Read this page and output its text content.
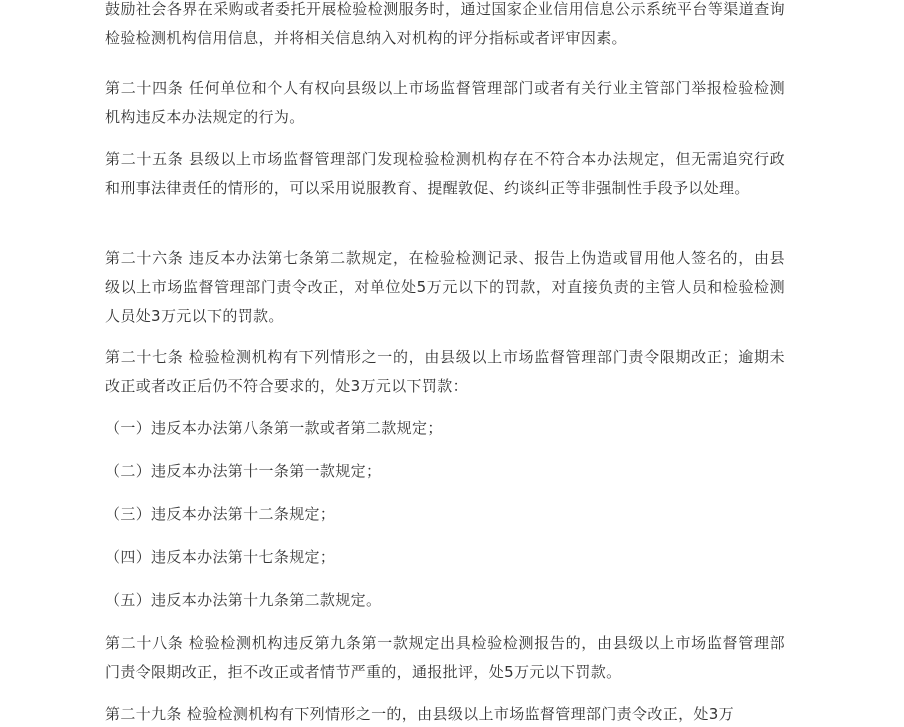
鼓励社会各界在采购或者委托开展检验检测服务时，通过国家企业信用信息公示系统平台等渠道查询检验检测机构信用信息，并将相关信息纳入对机构的评分指标或者评审因素。

第二十四条 任何单位和个人有权向县级以上市场监督管理部门或者有关行业主管部门举报检验检测机构违反本办法规定的行为。

第二十五条 县级以上市场监督管理部门发现检验检测机构存在不符合本办法规定，但无需追究行政和刑事法律责任的情形的，可以采用说服教育、提醒敦促、约谈纠正等非强制性手段予以处理。

第二十六条 违反本办法第七条第二款规定，在检验检测记录、报告上伪造或冒用他人签名的，由县级以上市场监督管理部门责令改正，对单位处5万元以下的罚款，对直接负责的主管人员和检验检测人员处3万元以下的罚款。

第二十七条 检验检测机构有下列情形之一的，由县级以上市场监督管理部门责令限期改正；逾期未改正或者改正后仍不符合要求的，处3万元以下罚款：

（一）违反本办法第八条第一款或者第二款规定；

（二）违反本办法第十一条第一款规定；

（三）违反本办法第十二条规定；

（四）违反本办法第十七条规定；

（五）违反本办法第十九条第二款规定。

第二十八条 检验检测机构违反第九条第一款规定出具检验检测报告的，由县级以上市场监督管理部门责令限期改正，拒不改正或者情节严重的，通报批评，处5万元以下罚款。

第二十九条 检验检测机构有下列情形之一的，由县级以上市场监督管理部门责令改正，处3万
